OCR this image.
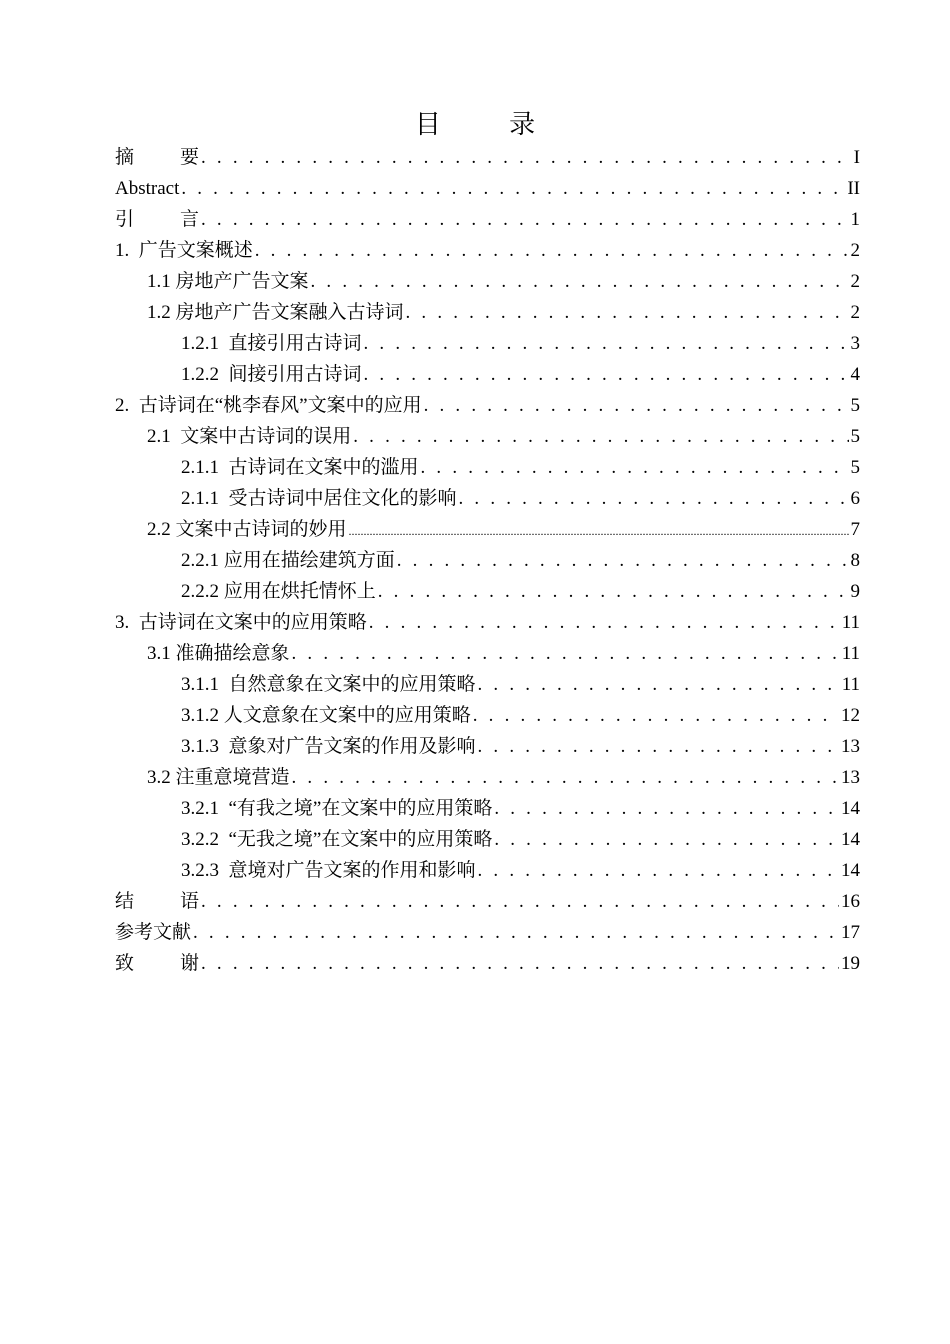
目 录
摘要 . . .	I
Abstract . . .	II
引言 . . .	1
1.  广告文案概述 . . .	2
1.1 房地产广告文案 . . .	2
1.2 房地产广告文案融入古诗词 . . .	2
1.2.1  直接引用古诗词 . . .	3
1.2.2  间接引用古诗词 . . .	4
2.  古诗词在“桃李春风”文案中的应用 . . .	5
2.1  文案中古诗词的误用 . . .	5
2.1.1  古诗词在文案中的滥用 . . .	5
2.1.1  受古诗词中居住文化的影响 . . .	6
2.2 文案中古诗词的妙用 .....	7
2.2.1 应用在描绘建筑方面 . . .	8
2.2.2 应用在烘托情怀上 . . .	9
3.  古诗词在文案中的应用策略 . . .	11
3.1 准确描绘意象 . . .	11
3.1.1  自然意象在文案中的应用策略 . . .	11
3.1.2 人文意象在文案中的应用策略 . . .	12
3.1.3  意象对广告文案的作用及影响 . . .	13
3.2 注重意境营造 . . .	13
3.2.1  “有我之境”在文案中的应用策略 . . .	14
3.2.2  “无我之境”在文案中的应用策略 . . .	14
3.2.3  意境对广告文案的作用和影响 . . .	14
结语 . . .	16
参考文献 . . .	17
致谢 . . .	19
